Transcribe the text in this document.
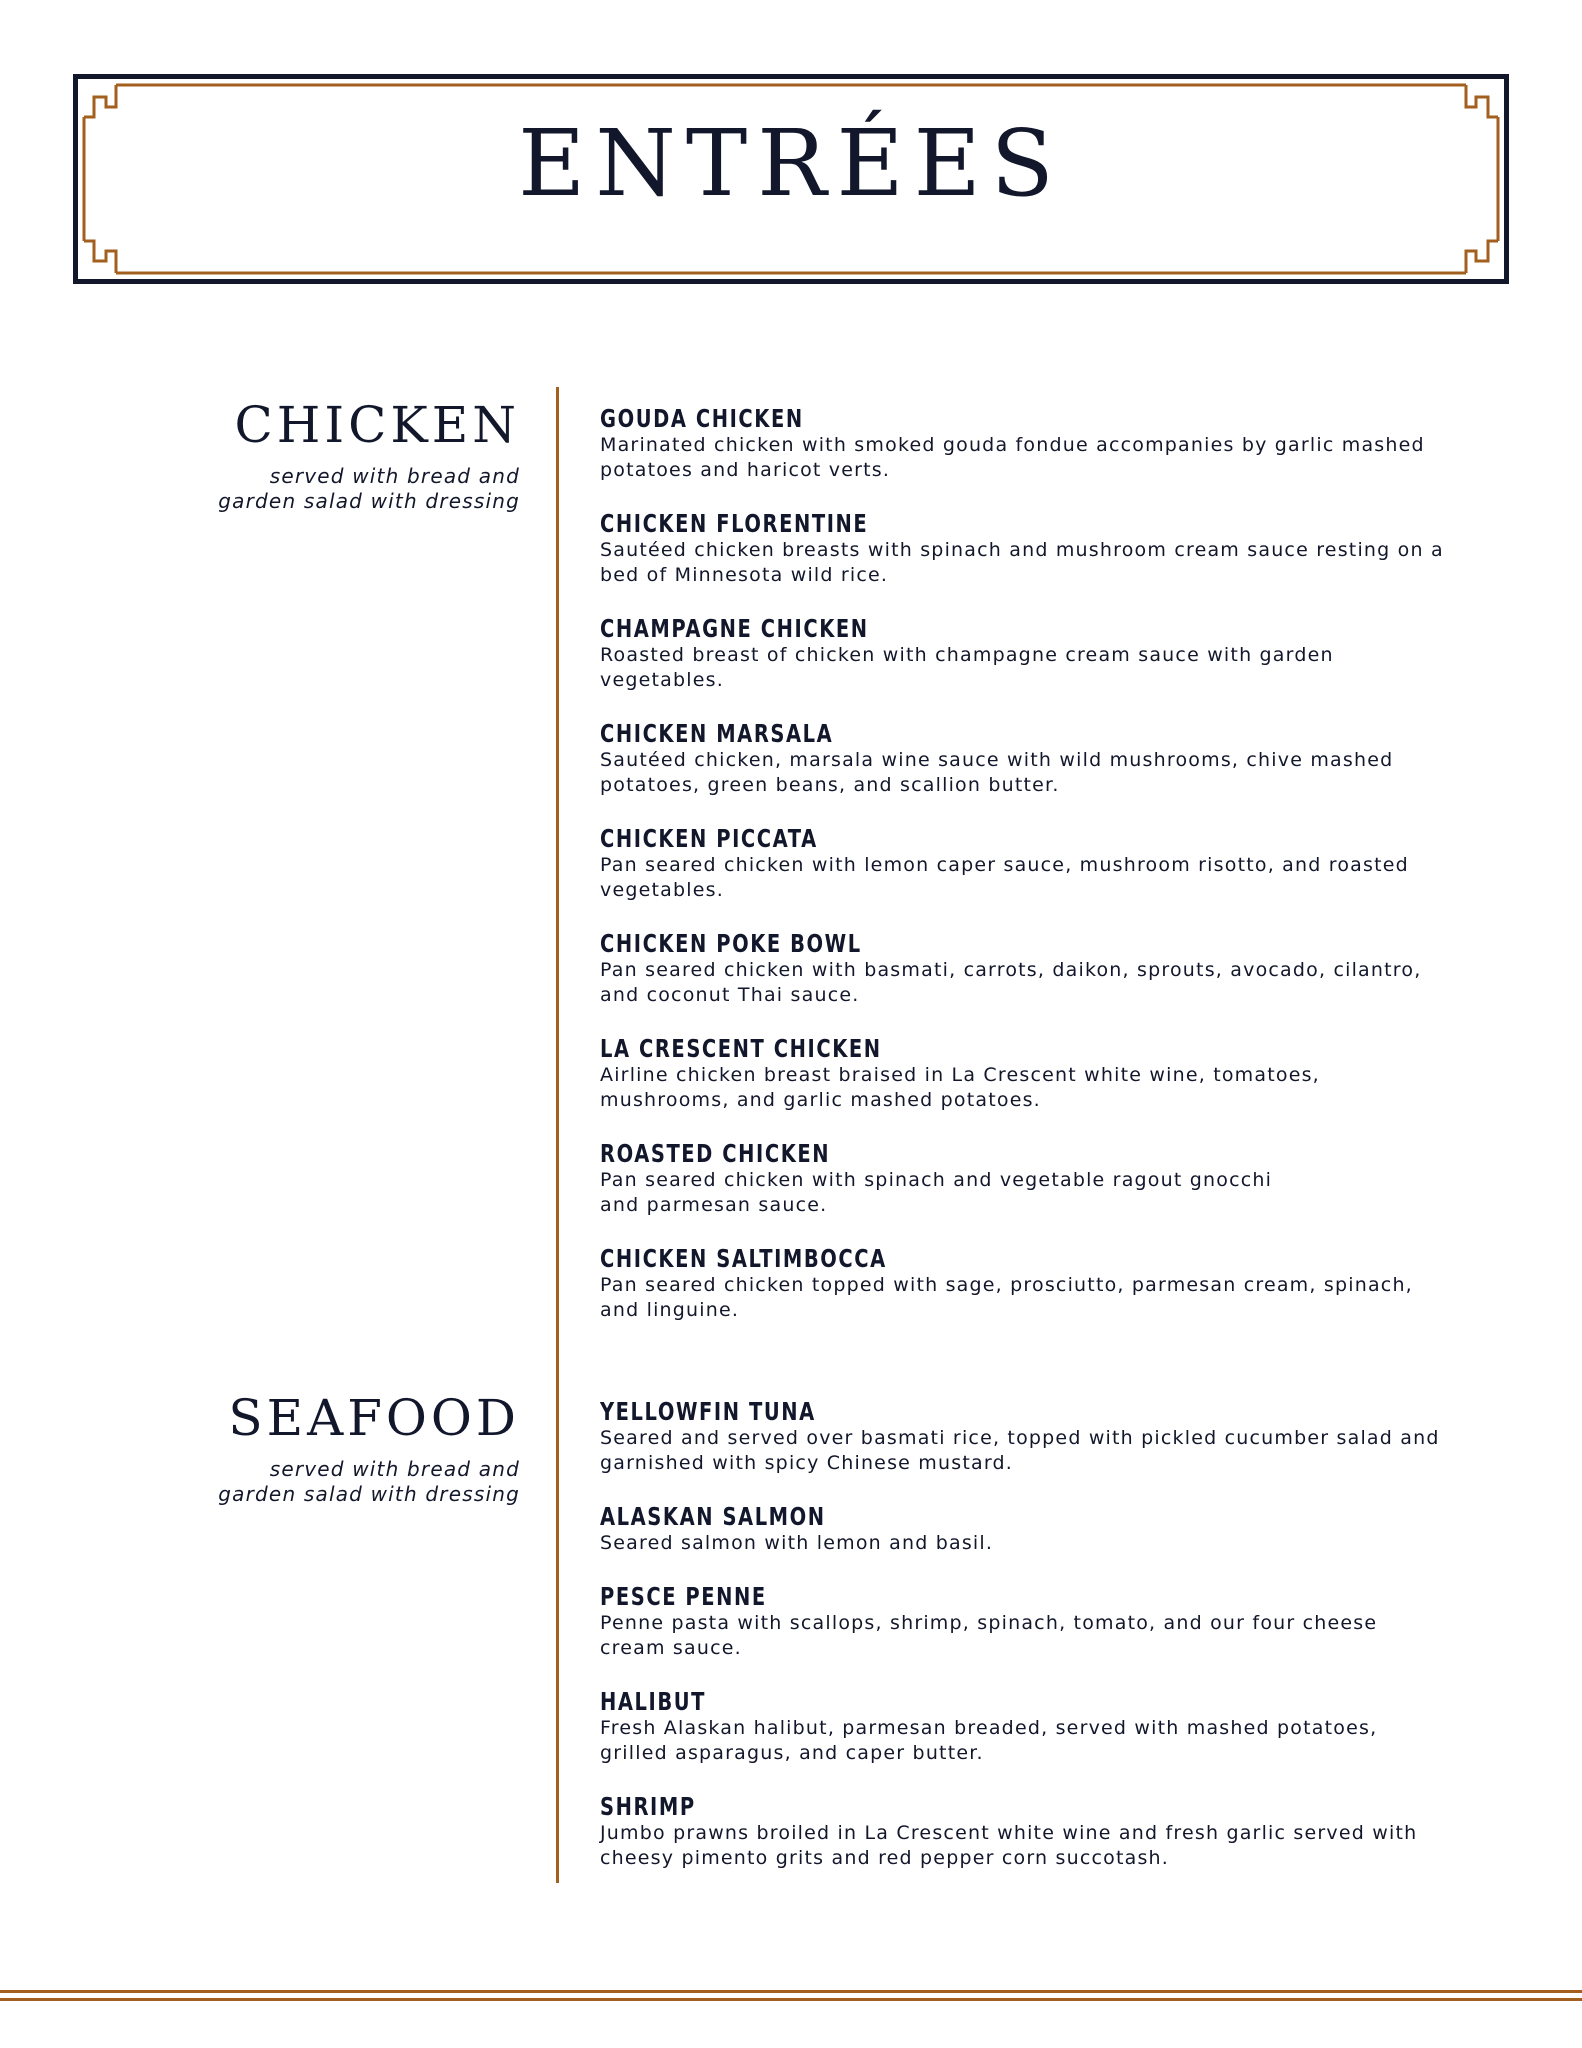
ENTRÉES
CHICKEN
served with bread and
garden salad with dressing
GOUDA CHICKEN
Marinated chicken with smoked gouda fondue accompanies by garlic mashed
potatoes and haricot verts.
CHICKEN FLORENTINE
Sautéed chicken breasts with spinach and mushroom cream sauce resting on a
bed of Minnesota wild rice.
CHAMPAGNE CHICKEN
Roasted breast of chicken with champagne cream sauce with garden
vegetables.
CHICKEN MARSALA
Sautéed chicken, marsala wine sauce with wild mushrooms, chive mashed
potatoes, green beans, and scallion butter.
CHICKEN PICCATA
Pan seared chicken with lemon caper sauce, mushroom risotto, and roasted
vegetables.
CHICKEN POKE BOWL
Pan seared chicken with basmati, carrots, daikon, sprouts, avocado, cilantro,
and coconut Thai sauce.
LA CRESCENT CHICKEN
Airline chicken breast braised in La Crescent white wine, tomatoes,
mushrooms, and garlic mashed potatoes.
ROASTED CHICKEN
Pan seared chicken with spinach and vegetable ragout gnocchi
and parmesan sauce.
CHICKEN SALTIMBOCCA
Pan seared chicken topped with sage, prosciutto, parmesan cream, spinach,
and linguine.
SEAFOOD
served with bread and
garden salad with dressing
YELLOWFIN TUNA
Seared and served over basmati rice, topped with pickled cucumber salad and
garnished with spicy Chinese mustard.
ALASKAN SALMON
Seared salmon with lemon and basil.
PESCE PENNE
Penne pasta with scallops, shrimp, spinach, tomato, and our four cheese
cream sauce.
HALIBUT
Fresh Alaskan halibut, parmesan breaded, served with mashed potatoes,
grilled asparagus, and caper butter.
SHRIMP
Jumbo prawns broiled in La Crescent white wine and fresh garlic served with
cheesy pimento grits and red pepper corn succotash.
